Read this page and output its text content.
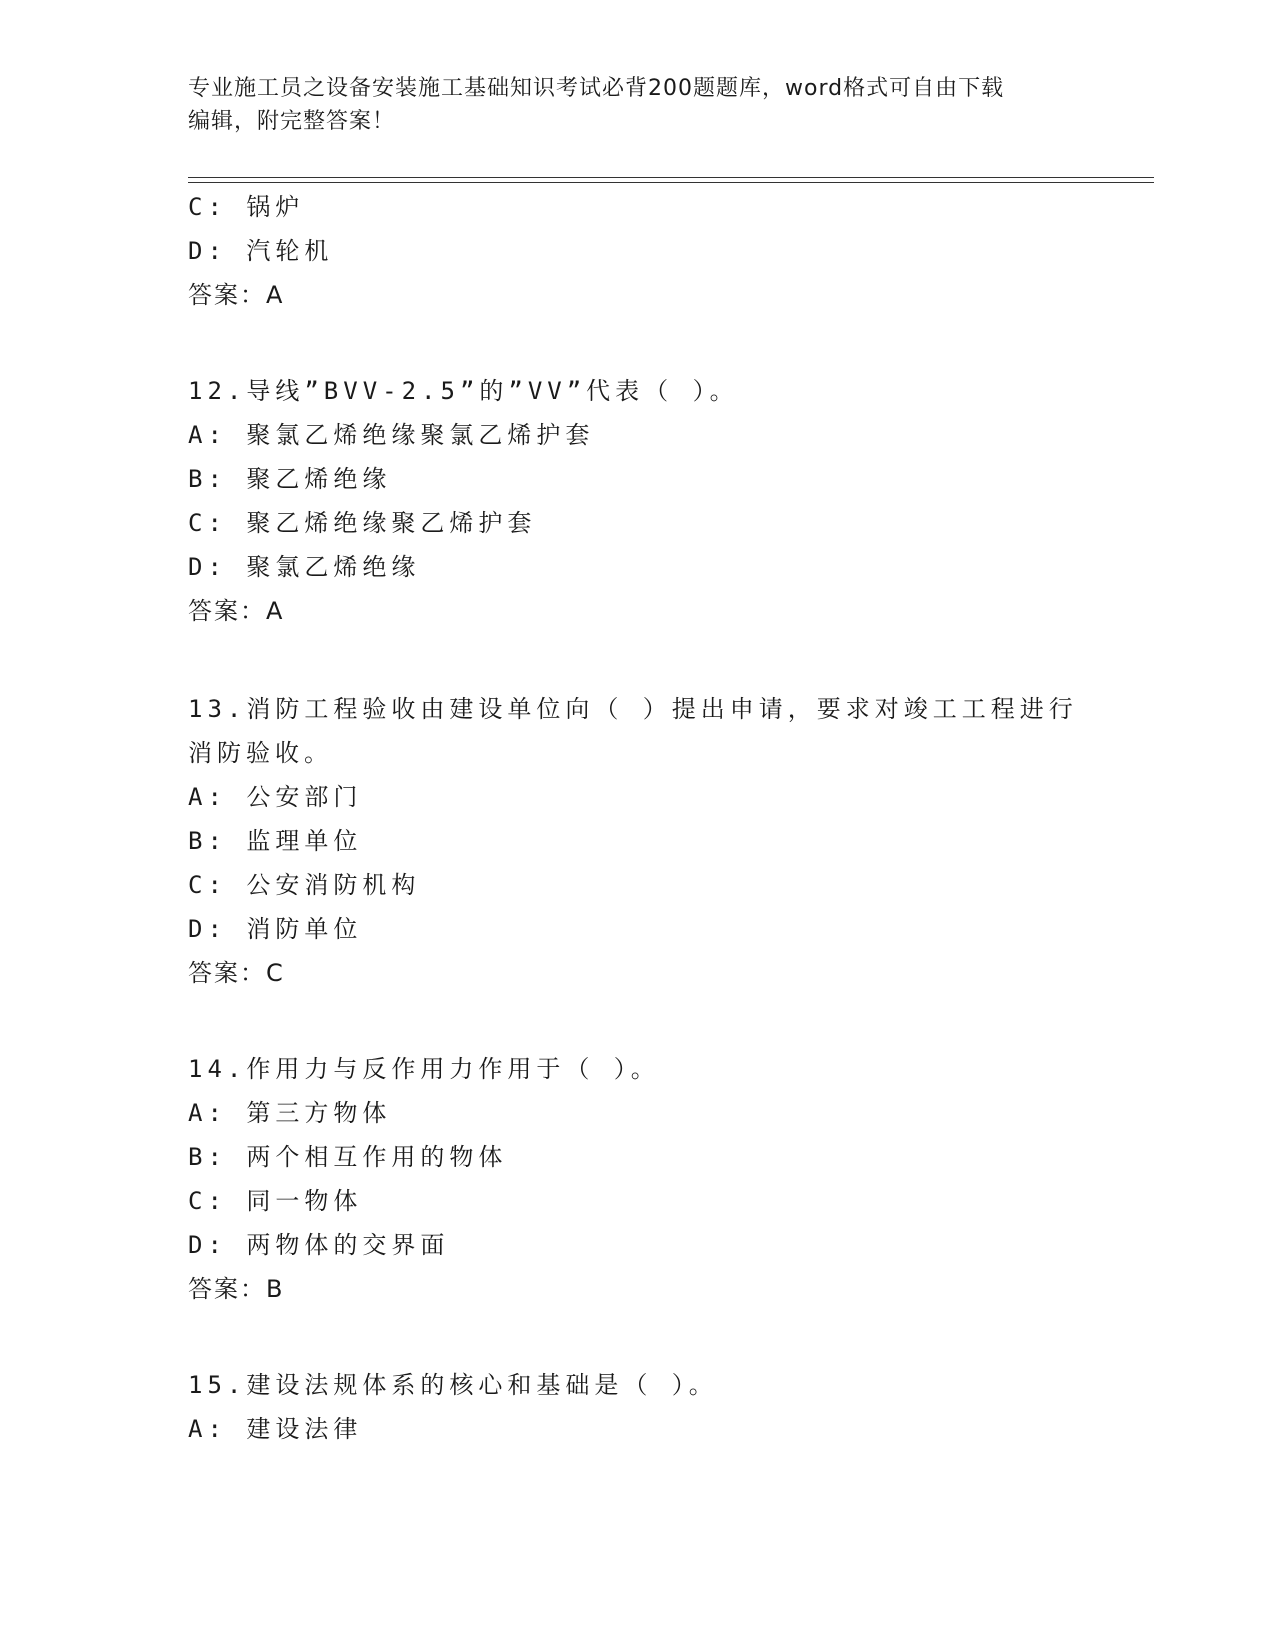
专业施工员之设备安装施工基础知识考试必背200题题库，word格式可自由下载
编辑，附完整答案！
C: 锅炉
D: 汽轮机
答案：A
12.导线”BVV-2.5”的”VV”代表（ ）。
A: 聚氯乙烯绝缘聚氯乙烯护套
B: 聚乙烯绝缘
C: 聚乙烯绝缘聚乙烯护套
D: 聚氯乙烯绝缘
答案：A
13.消防工程验收由建设单位向（ ）提出申请，要求对竣工工程进行
消防验收。
A: 公安部门
B: 监理单位
C: 公安消防机构
D: 消防单位
答案：C
14.作用力与反作用力作用于（ ）。
A: 第三方物体
B: 两个相互作用的物体
C: 同一物体
D: 两物体的交界面
答案：B
15.建设法规体系的核心和基础是（ ）。
A: 建设法律
